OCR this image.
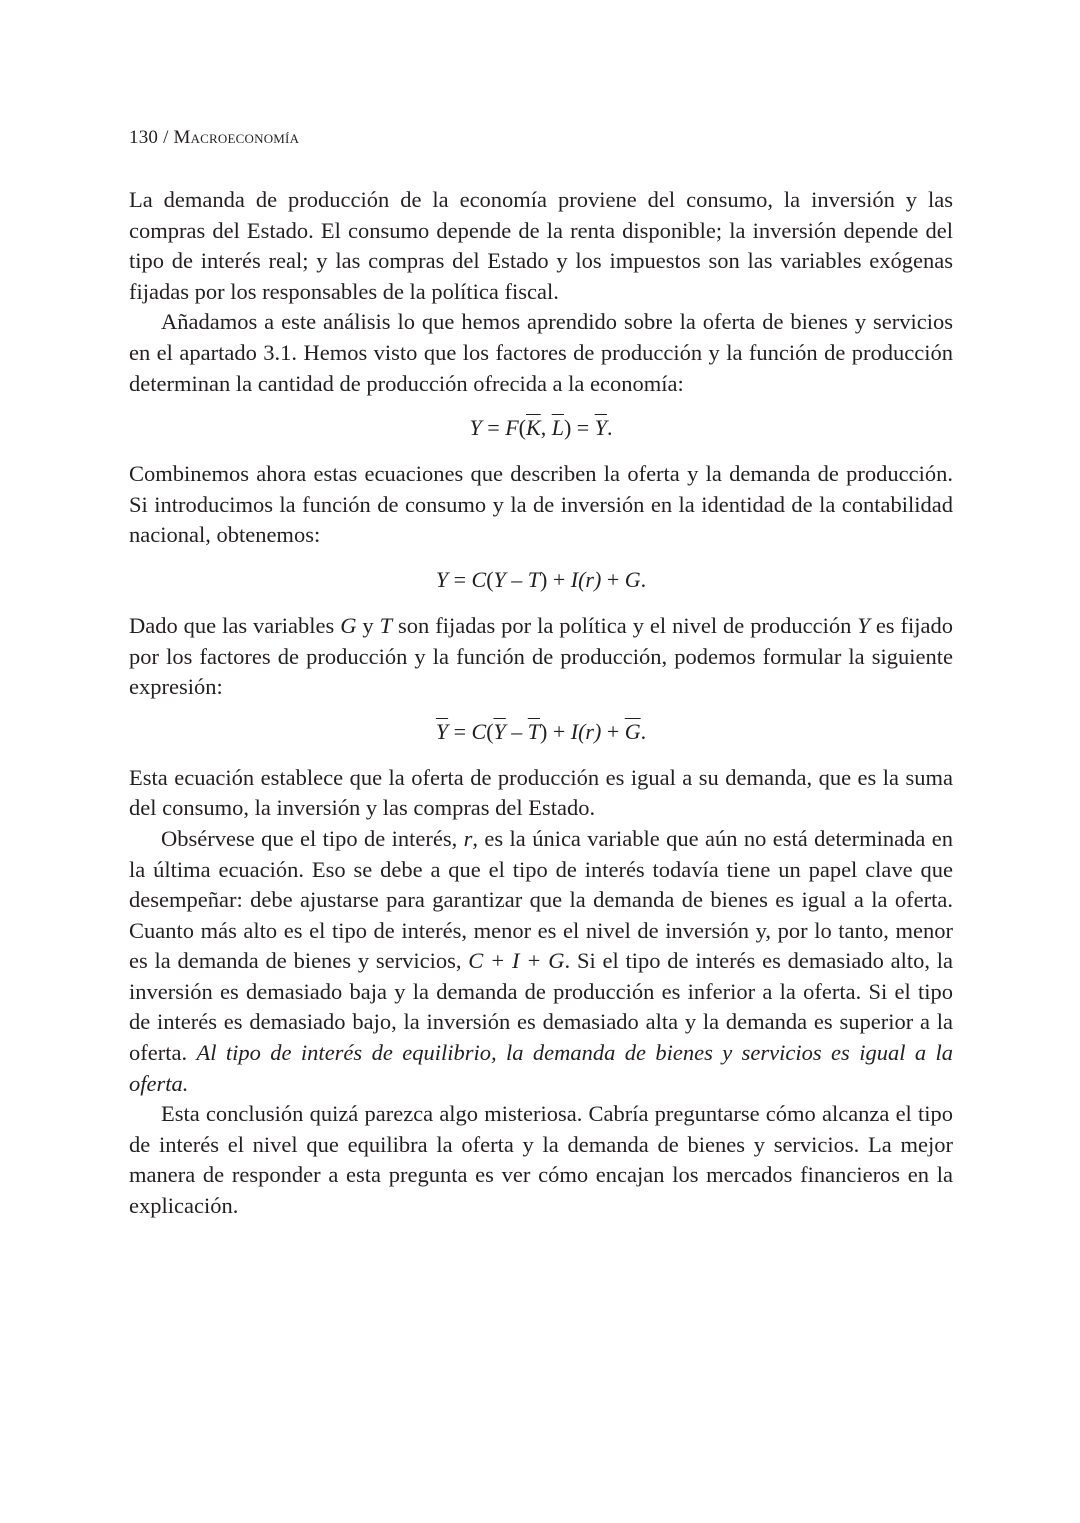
130 / Macroeconomía

La demanda de producción de la economía proviene del consumo, la inversión y las compras del Estado. El consumo depende de la renta disponible; la inversión depende del tipo de interés real; y las compras del Estado y los impuestos son las variables exógenas fijadas por los responsables de la política fiscal.

Añadamos a este análisis lo que hemos aprendido sobre la oferta de bienes y servicios en el apartado 3.1. Hemos visto que los factores de producción y la función de producción determinan la cantidad de producción ofrecida a la economía:

$Y = F(\overline{K}$, $\overline{L}) = \overline{Y}$.

Combinemos ahora estas ecuaciones que describen la oferta y la demanda de producción. Si introducimos la función de consumo y la de inversión en la identidad de la contabilidad nacional, obtenemos:

Y = C(Y – T) + I(r) + G.

Dado que las variables G y T son fijadas por la política y el nivel de producción Y es fijado por los factores de producción y la función de producción, podemos formular la siguiente expresión:

$\overline{Y} = C(\overline{Y} - \overline{T}) + I(r) + \overline{G}$.

Esta ecuación establece que la oferta de producción es igual a su demanda, que es la suma del consumo, la inversión y las compras del Estado.

Obsérvese que el tipo de interés, r, es la única variable que aún no está determinada en la última ecuación. Eso se debe a que el tipo de interés todavía tiene un papel clave que desempeñar: debe ajustarse para garantizar que la demanda de bienes es igual a la oferta. Cuanto más alto es el tipo de interés, menor es el nivel de inversión y, por lo tanto, menor es la demanda de bienes y servicios, C + I + G. Si el tipo de interés es demasiado alto, la inversión es demasiado baja y la demanda de producción es inferior a la oferta. Si el tipo de interés es demasiado bajo, la inversión es demasiado alta y la demanda es superior a la oferta. Al tipo de interés de equilibrio, la demanda de bienes y servicios es igual a la oferta.

Esta conclusión quizá parezca algo misteriosa. Cabría preguntarse cómo alcanza el tipo de interés el nivel que equilibra la oferta y la demanda de bienes y servicios. La mejor manera de responder a esta pregunta es ver cómo encajan los mercados financieros en la explicación.
